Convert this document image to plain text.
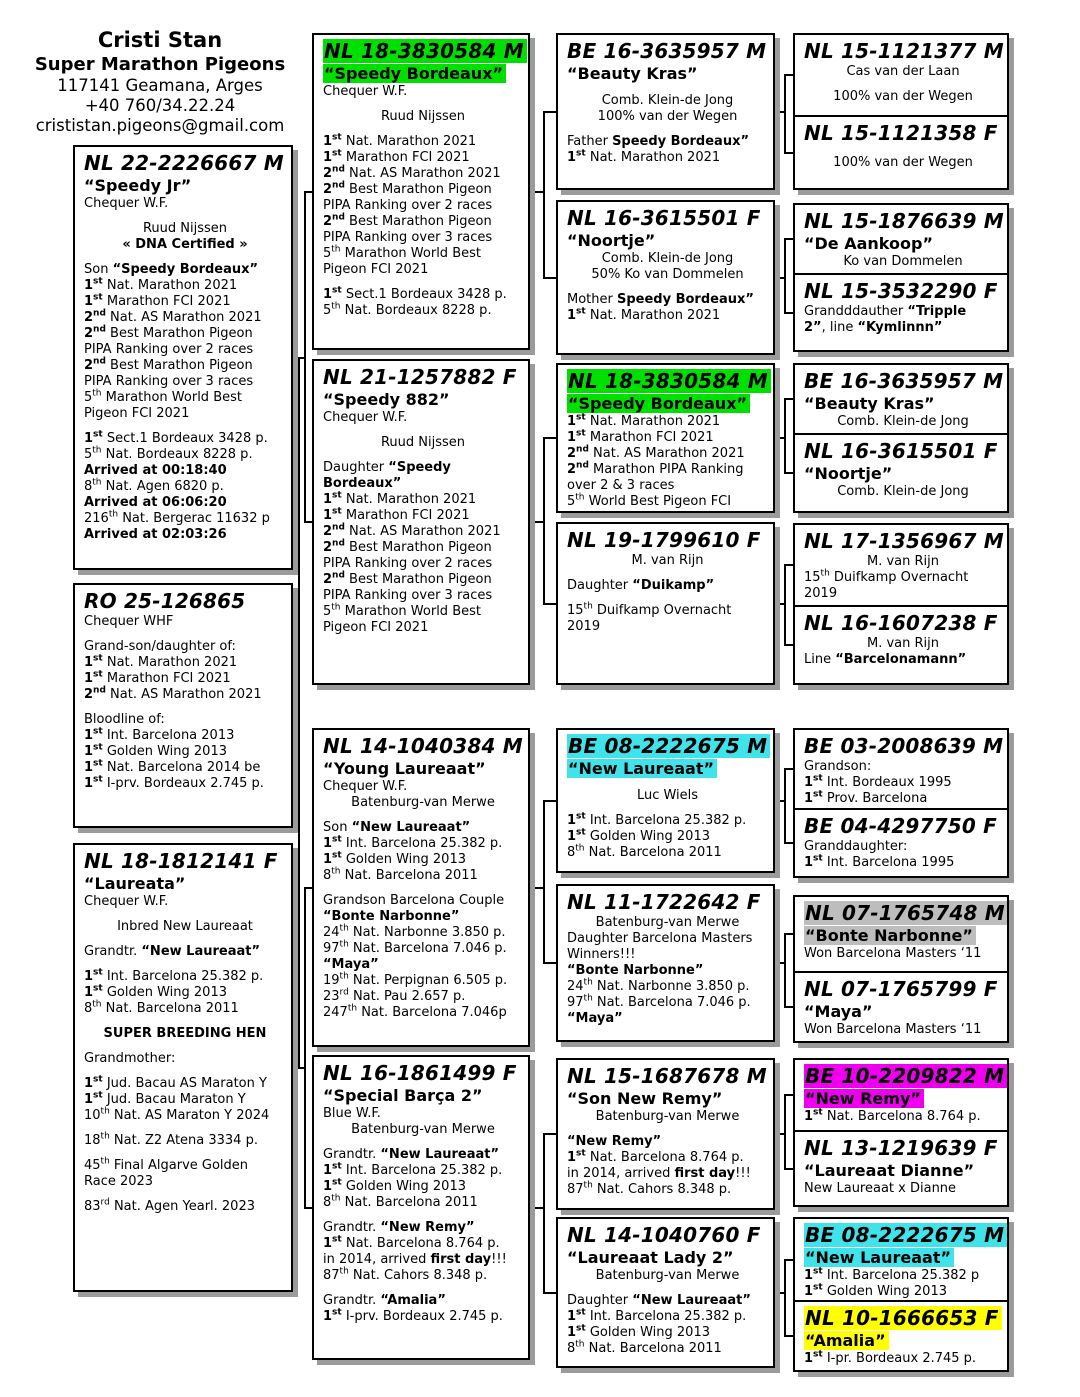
Cristi Stan
Super Marathon Pigeons
117141 Geamana, Arges
+40 760/34.22.24
crististan.pigeons@gmail.com
NL 22-2226667 M
“Speedy Jr”
Chequer W.F.
Ruud Nijssen
« DNA Certified »
Son “Speedy Bordeaux”
1st Nat. Marathon 2021
1st Marathon FCI 2021
2nd Nat. AS Marathon 2021
2nd Best Marathon Pigeon
PIPA Ranking over 2 races
2nd Best Marathon Pigeon
PIPA Ranking over 3 races
5th Marathon World Best
Pigeon FCI 2021
1st Sect.1 Bordeaux 3428 p.
5th Nat. Bordeaux 8228 p.
Arrived at 00:18:40
8th Nat. Agen 6820 p.
Arrived at 06:06:20
216th Nat. Bergerac 11632 p
Arrived at 02:03:26
RO 25-126865
Chequer WHF
Grand-son/daughter of:
1st Nat. Marathon 2021
1st Marathon FCI 2021
2nd Nat. AS Marathon 2021
Bloodline of:
1st Int. Barcelona 2013
1st Golden Wing 2013
1st Nat. Barcelona 2014 be
1st I-prv. Bordeaux 2.745 p.
NL 18-1812141 F
“Laureata”
Chequer W.F.
Inbred New Laureaat
Grandtr. “New Laureaat”
1st Int. Barcelona 25.382 p.
1st Golden Wing 2013
8th Nat. Barcelona 2011
SUPER BREEDING HEN
Grandmother:
1st Jud. Bacau AS Maraton Y
1st Jud. Bacau Maraton Y
10th Nat. AS Maraton Y 2024
18th Nat. Z2 Atena 3334 p.
45th Final Algarve Golden
Race 2023
83rd Nat. Agen Yearl. 2023
NL 18-3830584 M
“Speedy Bordeaux”
Chequer W.F.
Ruud Nijssen
1st Nat. Marathon 2021
1st Marathon FCI 2021
2nd Nat. AS Marathon 2021
2nd Best Marathon Pigeon
PIPA Ranking over 2 races
2nd Best Marathon Pigeon
PIPA Ranking over 3 races
5th Marathon World Best
Pigeon FCI 2021
1st Sect.1 Bordeaux 3428 p.
5th Nat. Bordeaux 8228 p.
NL 21-1257882 F
“Speedy 882”
Chequer W.F.
Ruud Nijssen
Daughter “Speedy
Bordeaux”
1st Nat. Marathon 2021
1st Marathon FCI 2021
2nd Nat. AS Marathon 2021
2nd Best Marathon Pigeon
PIPA Ranking over 2 races
2nd Best Marathon Pigeon
PIPA Ranking over 3 races
5th Marathon World Best
Pigeon FCI 2021
NL 14-1040384 M
“Young Laureaat”
Chequer W.F.
Batenburg-van Merwe
Son “New Laureaat”
1st Int. Barcelona 25.382 p.
1st Golden Wing 2013
8th Nat. Barcelona 2011
Grandson Barcelona Couple
“Bonte Narbonne”
24th Nat. Narbonne 3.850 p.
97th Nat. Barcelona 7.046 p.
“Maya”
19th Nat. Perpignan 6.505 p.
23rd Nat. Pau 2.657 p.
247th Nat. Barcelona 7.046p
NL 16-1861499 F
“Special Barça 2”
Blue W.F.
Batenburg-van Merwe
Grandtr. “New Laureaat”
1st Int. Barcelona 25.382 p.
1st Golden Wing 2013
8th Nat. Barcelona 2011
Grandtr. “New Remy”
1st Nat. Barcelona 8.764 p.
in 2014, arrived first day!!!
87th Nat. Cahors 8.348 p.
Grandtr. “Amalia”
1st I-prv. Bordeaux 2.745 p.
BE 16-3635957 M
“Beauty Kras”
Comb. Klein-de Jong
100% van der Wegen
Father Speedy Bordeaux”
1st Nat. Marathon 2021
NL 16-3615501 F
“Noortje”
Comb. Klein-de Jong
50% Ko van Dommelen
Mother Speedy Bordeaux”
1st Nat. Marathon 2021
NL 18-3830584 M
“Speedy Bordeaux”
1st Nat. Marathon 2021
1st Marathon FCI 2021
2nd Nat. AS Marathon 2021
2nd Marathon PIPA Ranking
over 2 & 3 races
5th World Best Pigeon FCI
NL 19-1799610 F
M. van Rijn
Daughter “Duikamp”
15th Duifkamp Overnacht
2019
BE 08-2222675 M
“New Laureaat”
Luc Wiels
1st Int. Barcelona 25.382 p.
1st Golden Wing 2013
8th Nat. Barcelona 2011
NL 11-1722642 F
Batenburg-van Merwe
Daughter Barcelona Masters
Winners!!!
“Bonte Narbonne”
24th Nat. Narbonne 3.850 p.
97th Nat. Barcelona 7.046 p.
“Maya”
NL 15-1687678 M
“Son New Remy”
Batenburg-van Merwe
“New Remy”
1st Nat. Barcelona 8.764 p.
in 2014, arrived first day!!!
87th Nat. Cahors 8.348 p.
NL 14-1040760 F
“Laureaat Lady 2”
Batenburg-van Merwe
Daughter “New Laureaat”
1st Int. Barcelona 25.382 p.
1st Golden Wing 2013
8th Nat. Barcelona 2011
NL 15-1121377 M
Cas van der Laan
100% van der Wegen
NL 15-1121358 F
100% van der Wegen
NL 15-1876639 M
“De Aankoop”
Ko van Dommelen
NL 15-3532290 F
Grandddauther “Tripple
2”, line “Kymlinnn”
BE 16-3635957 M
“Beauty Kras”
Comb. Klein-de Jong
NL 16-3615501 F
“Noortje”
Comb. Klein-de Jong
NL 17-1356967 M
M. van Rijn
15th Duifkamp Overnacht
2019
NL 16-1607238 F
M. van Rijn
Line “Barcelonamann”
BE 03-2008639 M
Grandson:
1st Int. Bordeaux 1995
1st Prov. Barcelona
BE 04-4297750 F
Granddaughter:
1st Int. Barcelona 1995
NL 07-1765748 M
“Bonte Narbonne”
Won Barcelona Masters ‘11
NL 07-1765799 F
“Maya”
Won Barcelona Masters ‘11
BE 10-2209822 M
“New Remy”
1st Nat. Barcelona 8.764 p.
NL 13-1219639 F
“Laureaat Dianne”
New Laureaat x Dianne
BE 08-2222675 M
“New Laureaat”
1st Int. Barcelona 25.382 p
1st Golden Wing 2013
NL 10-1666653 F
“Amalia”
1st I-pr. Bordeaux 2.745 p.
